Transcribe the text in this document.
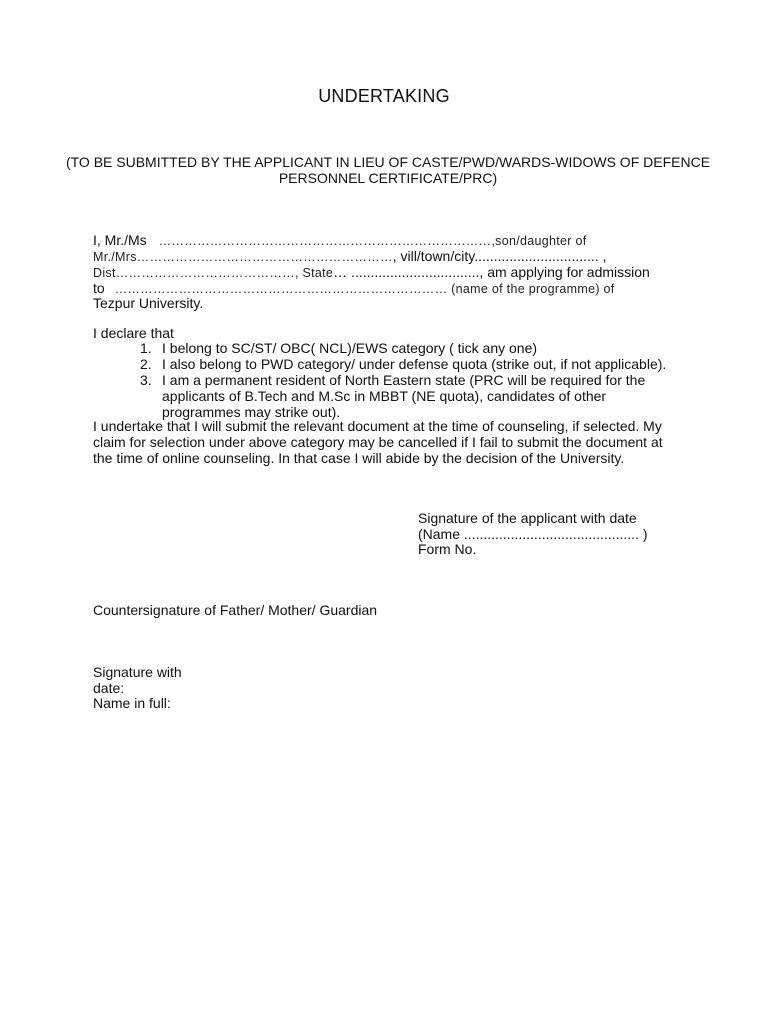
UNDERTAKING
(TO BE SUBMITTED BY THE APPLICANT IN LIEU OF CASTE/PWD/WARDS-WIDOWS OF DEFENCE PERSONNEL CERTIFICATE/PRC)
I, Mr./Ms ……………………………………………………………………,son/daughter of
Mr./Mrs……………………………………………………, vill/town/city................................ ,
Dist……………………………………, State… ................................., am applying for admission
to …………………………………………………………………… (name of the programme) of
Tezpur University.
I declare that
1. I belong to SC/ST/ OBC( NCL)/EWS category ( tick any one)
2. I also belong to PWD category/ under defense quota (strike out, if not applicable).
3. I am a permanent resident of North Eastern state (PRC will be required for the applicants of B.Tech and M.Sc in MBBT (NE quota), candidates of other programmes may strike out).
I undertake that I will submit the relevant document at the time of counseling, if selected. My claim for selection under above category may be cancelled if I fail to submit the document at the time of online counseling. In that case I will abide by the decision of the University.
Signature of the applicant with date
(Name ............................................. )
Form No.
Countersignature of Father/ Mother/ Guardian
Signature with
date:
Name in full:
